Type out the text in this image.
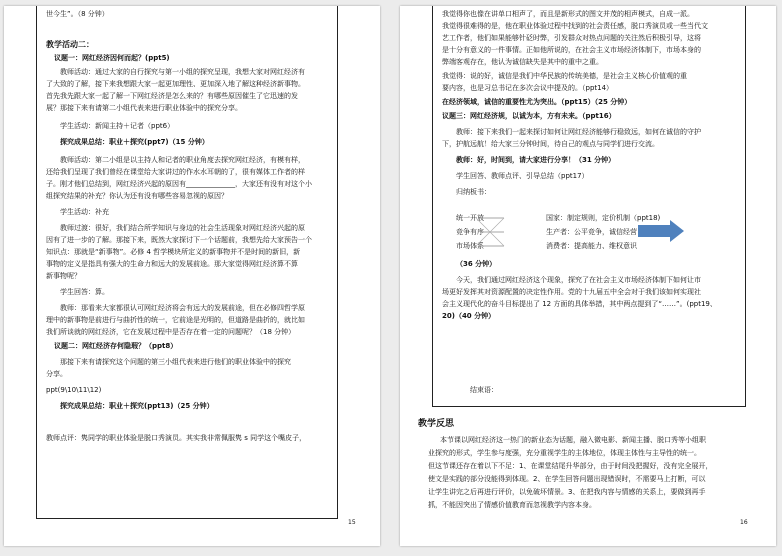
世今生”。（8 分钟）
教学活动二：
议题一：网红经济因何而起？(ppt5)
教师活动：通过大家的自行探究与第一小组的探究呈现，我想大家对网红经济有
了大致的了解，接下来我想跟大家一起更加理性、更加深入地了解这种经济新事物。
首先我先跟大家一起了解一下网红经济是怎么来的？有哪些原因催生了它迅速的发
展？那接下来有请第二小组代表来进行职业体验中的探究分享。
学生活动：新闻主持＋记者（ppt6）
探究成果总结：职业＋探究(ppt7)（15 分钟）
教师活动：第二小组是以主持人和记者的职业角度去探究网红经济，有模有样，
还给我们呈现了我们曾经在课堂给大家讲过的作水水耳朝的了，很有媒体工作者的样
子。刚才他们总结到，网红经济兴起的原因有______________，大家还有没有对这个小
组探究结果的补充？你认为还有没有哪些容易忽视的原因？
学生活动：补充
教师过渡：很好，我们结合所学知识与身边的社会生活现象对网红经济兴起的原
因有了进一步的了解。那接下来，既然大家探讨下一个话题前，我想先给大家预告一个
知识点：那就是“新事物”。必修 4 哲学模块所定义的新事物并不是时间的新旧，新
事物的定义是指具有强大的生命力和远大的发展前途。那大家觉得网红经济算不算
新事物呢？
学生回答：算。
教师：那看来大家都很认可网红经济将会有远大的发展前途，但在必修四哲学原
理中的新事物是前进行与曲折性的统一，它前途是光明的，但道路是曲折的，就比如
我们所谈就的网红经济，它在发展过程中是否存在着一定的问题呢？（18 分钟）
议题二：网红经济存何隐瑕？（ppt8）
那接下来有请探究这个问题的第三小组代表来进行他们的职业体验中的探究
分享。
ppt(9\10\11\12)
探究成果总结：职业＋探究(ppt13)（25 分钟）
教师点评：隽同学的职业体验是脱口秀演员。其实我非常佩服隽 s 同学这个嘴皮子，
15
我觉得你也像在讲单口相声了，而且是新形式的图文并茂的相声模式，自成一派。
我觉得很难得的是，他在职业体验过程中找到的社会责任感，脱口秀演员或一些当代文
艺工作者，他们如果能够针砭时弊，引发群众对热点问题的关注然后积极引导，这将
是十分有意义的一件事情。正如他所说的，在社会主义市场经济体制下，市场本身的
弊端客观存在，他认为诚信缺失是其中的重中之重。
我觉得：说的好，诚信是我们中华民族的传统美德，是社会主义核心价值观的重
要内容，也是习总书记在多次会议中提及的。（ppt14）
在经济领域，诚信的重要性尤为突出。（ppt15）（25 分钟）
议题三：网红经济规，以诚为本，方有未来。（ppt16）
教师：接下来我们一起来探讨如何让网红经济能够行稳致远，如何在诚信的守护
下，护航远航！给大家三分钟时间，待自己的观点与同学们进行交流。
教师：好，时间到，请大家进行分享！（31 分钟）
学生回答、教师点评、引导总结（ppt17）
归纳板书：
统一开放
竞争有序
市场体系
国家：制定规则，定价机制（ppt18)
生产者：公平竞争，诚信经营
消费者：提高能力、维权意识
（36 分钟）
今天，我们通过网红经济这个现象，探究了在社会主义市场经济体制下如何让市
场更好发挥其对资源配置的决定性作用。党的十九届五中全会对于我们该如何实现社
会主义现代化的奋斗目标提出了 12 方面的具体举措，其中两点提到了“……”。(ppt19、
20)（40 分钟）
结束语：
教学反思
本节课以网红经济这一热门的新业态为话题，融入微电影、新闻主播、脱口秀等小组职
业探究的形式，学生参与度强，充分重视学生的主体地位，体现主体性与主导性的统一。
但这节课还存在着以下不足：1、在课堂结尾升华部分，由于时间没把握好，没有完全展开，
使文是实践的部分没能得到体现。2、在学生回答问题出现错误时，不需要马上打断，可以
让学生讲完之后再进行评价，以免破坏情景。3、在把我内容与情感的关系上，要做到再手
抓，不能因突出了情感价值教育而忽视教学内容本身。
16
